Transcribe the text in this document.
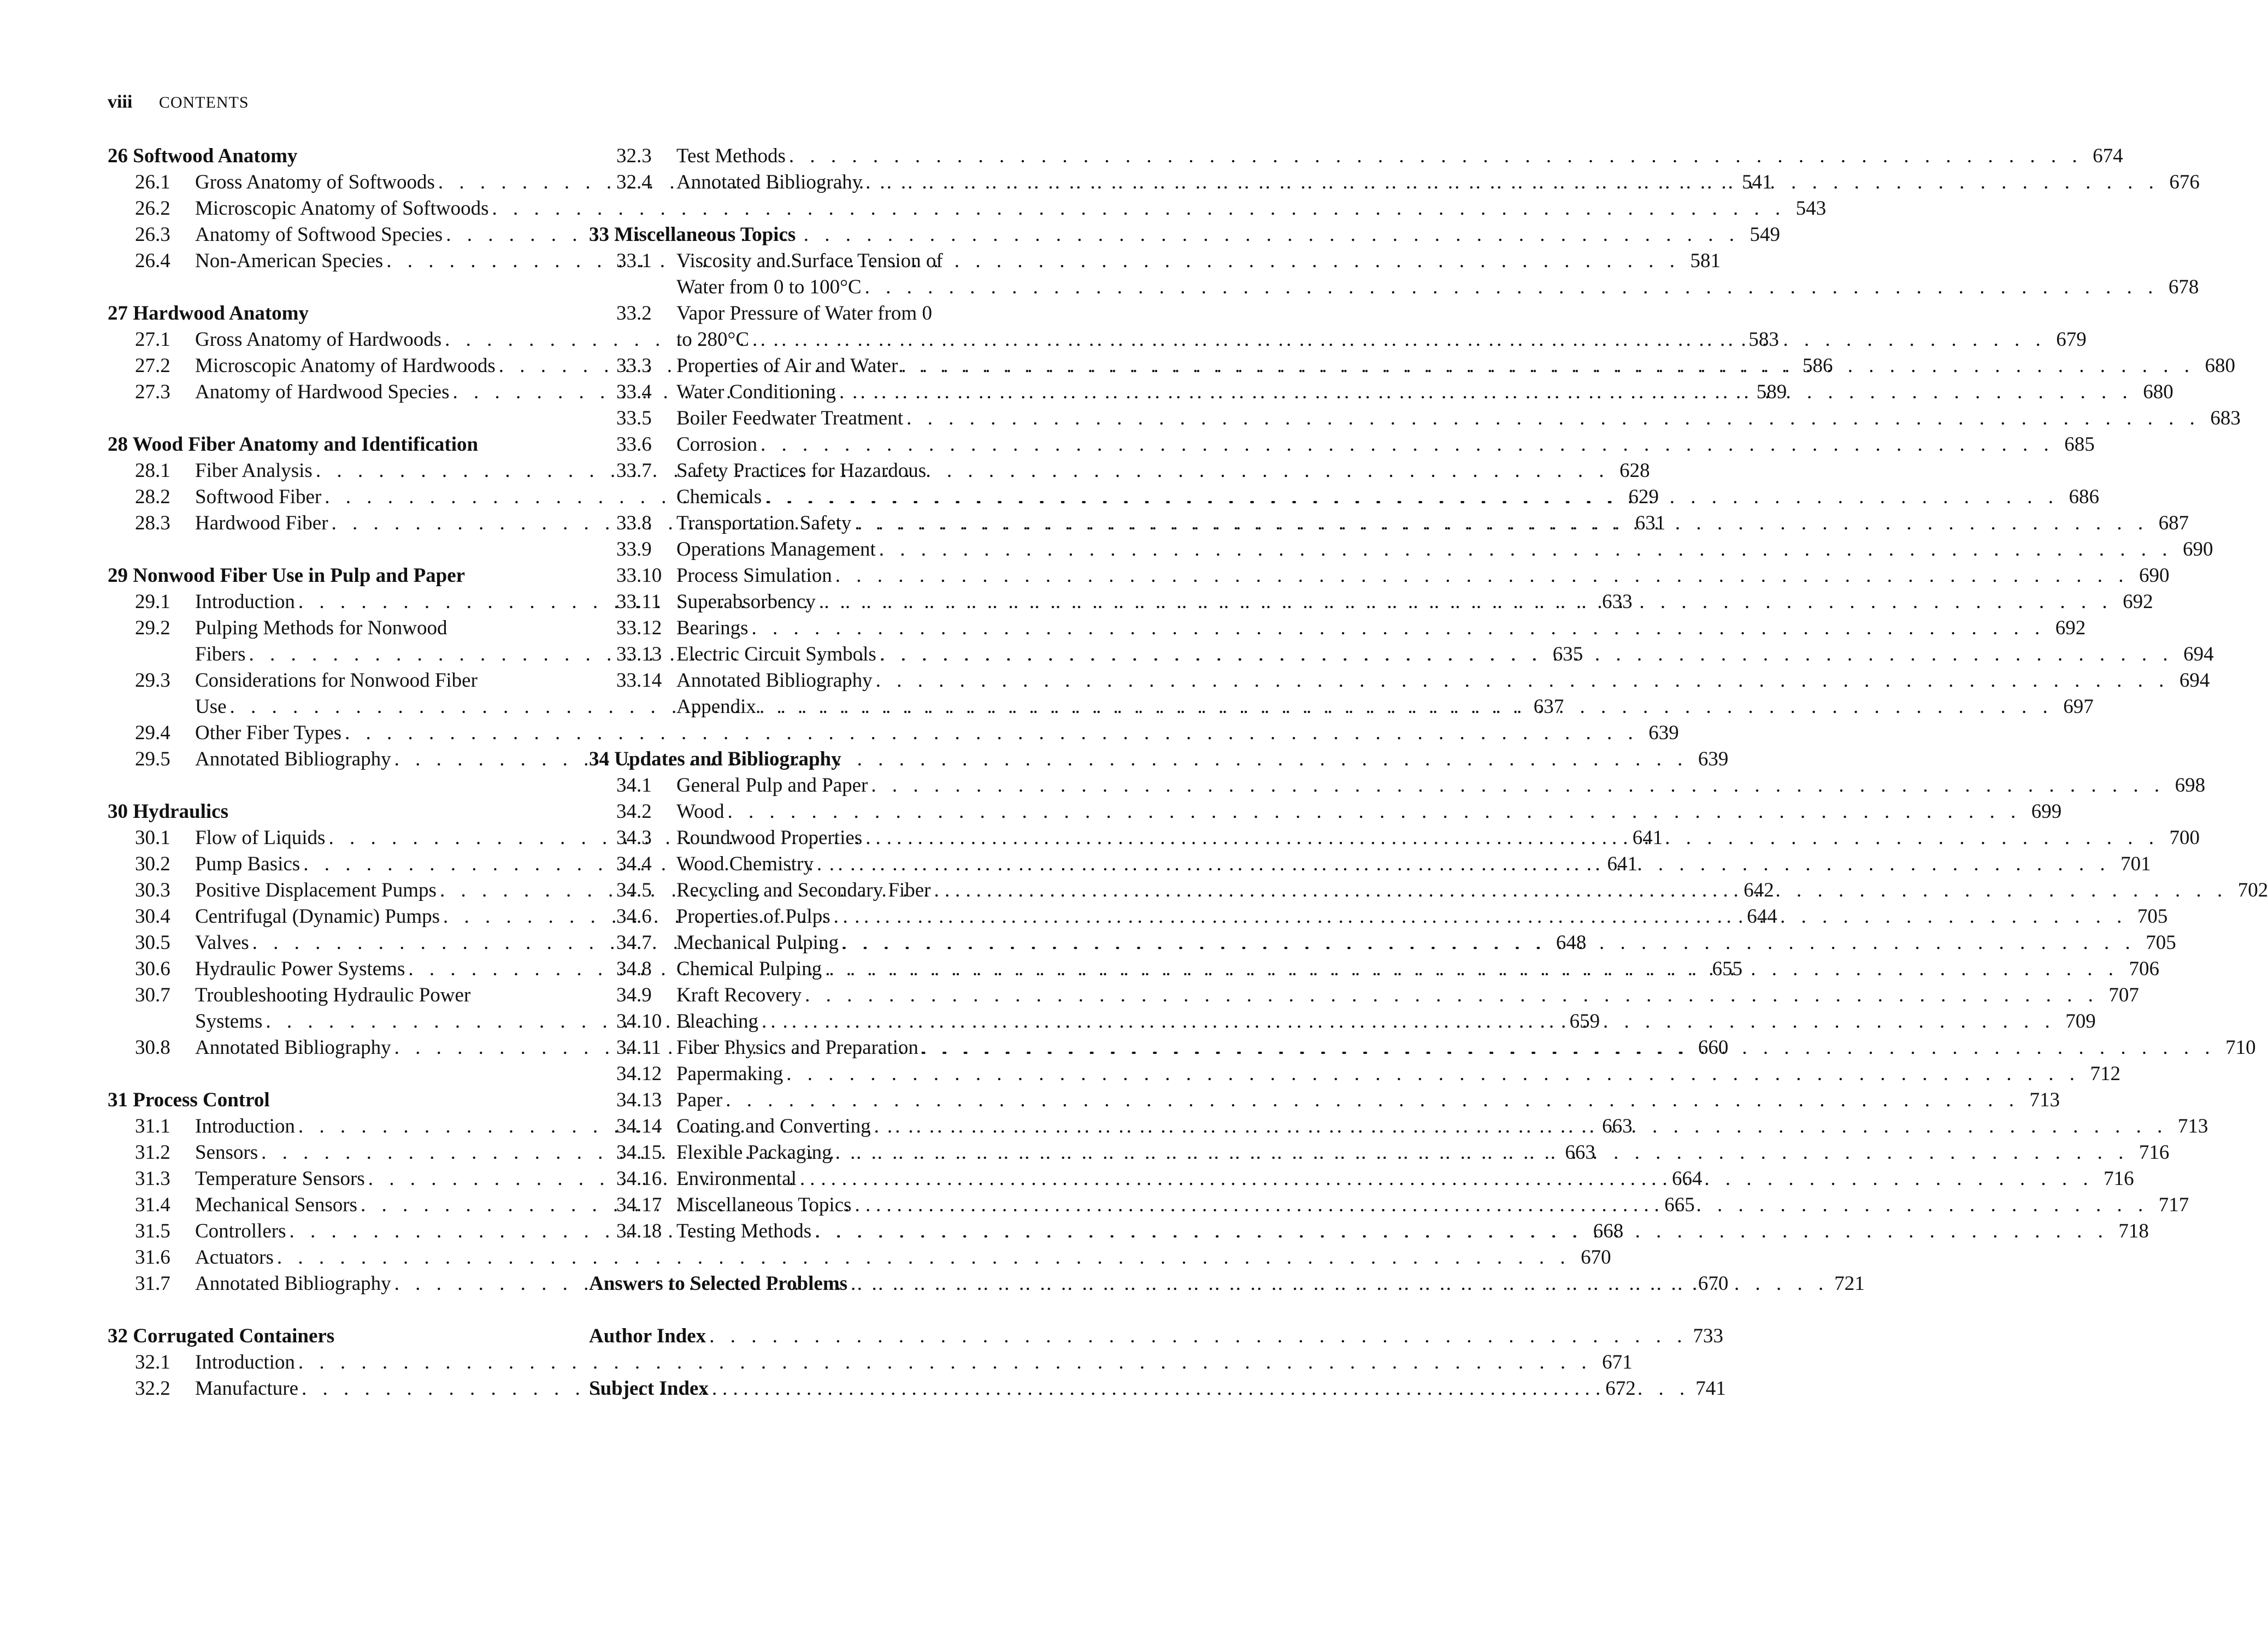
viii CONTENTS
26 Softwood Anatomy
26.1	Gross Anatomy of Softwoods . . .	541
26.2	Microscopic Anatomy of Softwoods . . .	543
26.3	Anatomy of Softwood Species . . .	549
26.4	Non-American Species . . .	581
27 Hardwood Anatomy
27.1	Gross Anatomy of Hardwoods . . .	583
27.2	Microscopic Anatomy of Hardwoods . . .	586
27.3	Anatomy of Hardwood Species . . .	589
28 Wood Fiber Anatomy and Identification
28.1	Fiber Analysis . . .	628
28.2	Softwood Fiber . . .	629
28.3	Hardwood Fiber . . .	631
29 Nonwood Fiber Use in Pulp and Paper
29.1	Introduction . . .	633
29.2	Pulping Methods for Nonwood
Fibers . . .	635
29.3	Considerations for Nonwood Fiber
Use . . .	637
29.4	Other Fiber Types . . .	639
29.5	Annotated Bibliography . . .	639
30 Hydraulics
30.1	Flow of Liquids . . .	641
30.2	Pump Basics . . .	641
30.3	Positive Displacement Pumps . . .	642
30.4	Centrifugal (Dynamic) Pumps . . .	644
30.5	Valves . . .	648
30.6	Hydraulic Power Systems . . .	655
30.7	Troubleshooting Hydraulic Power
Systems . . .	659
30.8	Annotated Bibliography . . .	660
31 Process Control
31.1	Introduction . . .	663
31.2	Sensors . . .	663
31.3	Temperature Sensors . . .	664
31.4	Mechanical Sensors . . .	665
31.5	Controllers . . .	668
31.6	Actuators . . .	670
31.7	Annotated Bibliography . . .	670
32 Corrugated Containers
32.1	Introduction . . .	671
32.2	Manufacture . . .	672
32.3	Test Methods . . .	674
32.4	Annotated Bibliograhy . . .	676
33 Miscellaneous Topics
33.1	Viscosity and Surface Tension of
Water from 0 to 100°C . . .	678
33.2	Vapor Pressure of Water from 0
to 280°C . . .	679
33.3	Properties of Air and Water . . .	680
33.4	Water Conditioning . . .	680
33.5	Boiler Feedwater Treatment . . .	683
33.6	Corrosion . . .	685
33.7	Safety Practices for Hazardous
Chemicals . . .	686
33.8	Transportation Safety . . .	687
33.9	Operations Management . . .	690
33.10 Process Simulation . . .	690
33.11 Superabsorbency . . .	692
33.12 Bearings . . .	692
33.13 Electric Circuit Symbols . . .	694
33.14 Annotated Bibliography . . .	694
Appendix . . .	697
34 Updates and Bibliography
34.1	General Pulp and Paper . . .	698
34.2	Wood . . .	699
34.3	Roundwood Properties . . .	700
34.4	Wood Chemistry . . .	701
34.5	Recycling and Secondary Fiber . . .	702
34.6	Properties of Pulps . . .	705
34.7	Mechanical Pulping . . .	705
34.8	Chemical Pulping . . .	706
34.9	Kraft Recovery . . .	707
34.10 Bleaching . . .	709
34.11 Fiber Physics and Preparation . . .	710
34.12 Papermaking . . .	712
34.13 Paper . . .	713
34.14 Coating and Converting . . .	713
34.15 Flexible Packaging . . .	716
34.16 Environmental . . .	716
34.17 Miscellaneous Topics . . .	717
34.18 Testing Methods . . .	718
Answers to Selected Problems . . .	721
Author Index . . .	733
Subject Index . . .	741
